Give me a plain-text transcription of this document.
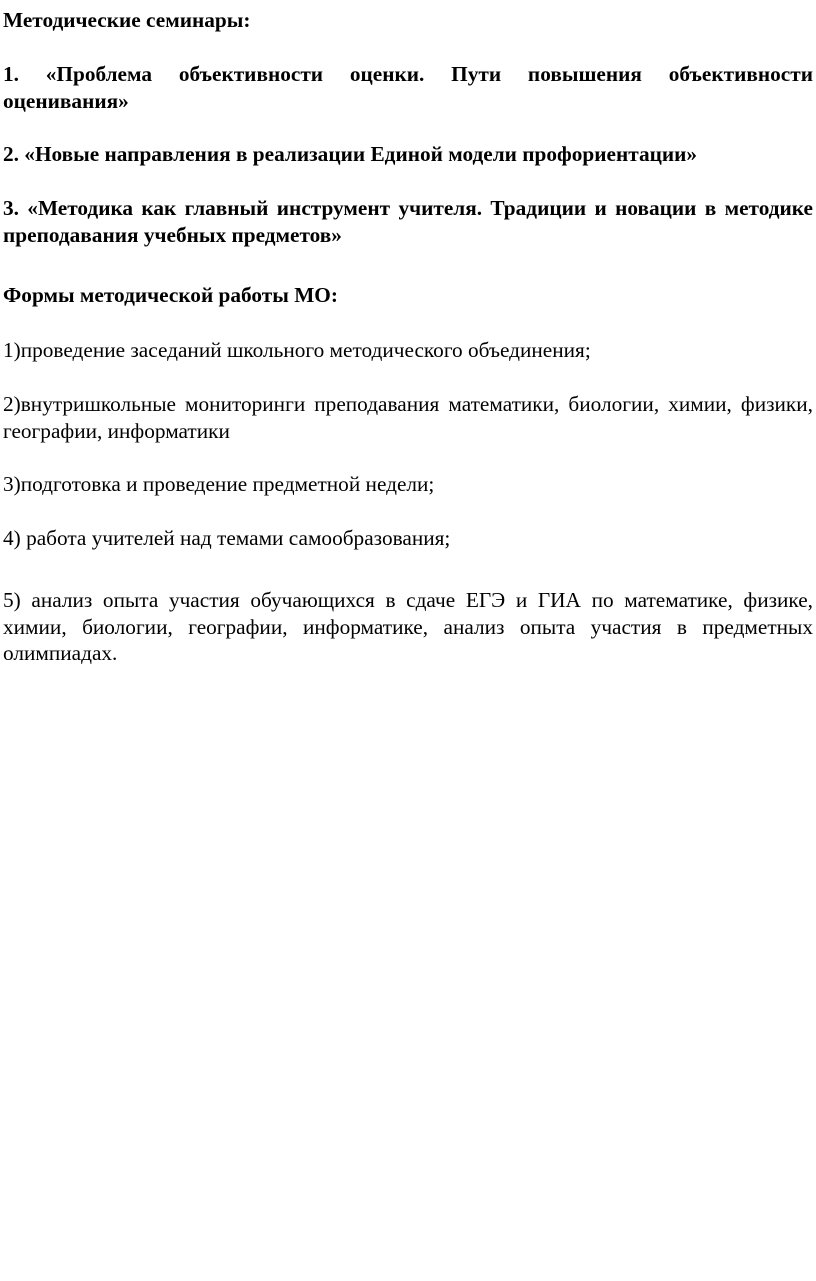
Методические семинары:

1. «Проблема объективности оценки. Пути повышения объективности оценивания»

2. «Новые направления в реализации Единой модели профориентации»

3. «Методика как главный инструмент учителя. Традиции и новации в методике преподавания учебных предметов»

Формы методической работы МО:

1)проведение заседаний школьного методического объединения;

2)внутришкольные мониторинги преподавания математики, биологии, химии, физики, географии, информатики

3)подготовка и проведение предметной недели;

4) работа учителей над темами самообразования;

5) анализ опыта участия обучающихся в сдаче ЕГЭ и ГИА по математике, физике, химии, биологии, географии, информатике, анализ опыта участия в предметных олимпиадах.
